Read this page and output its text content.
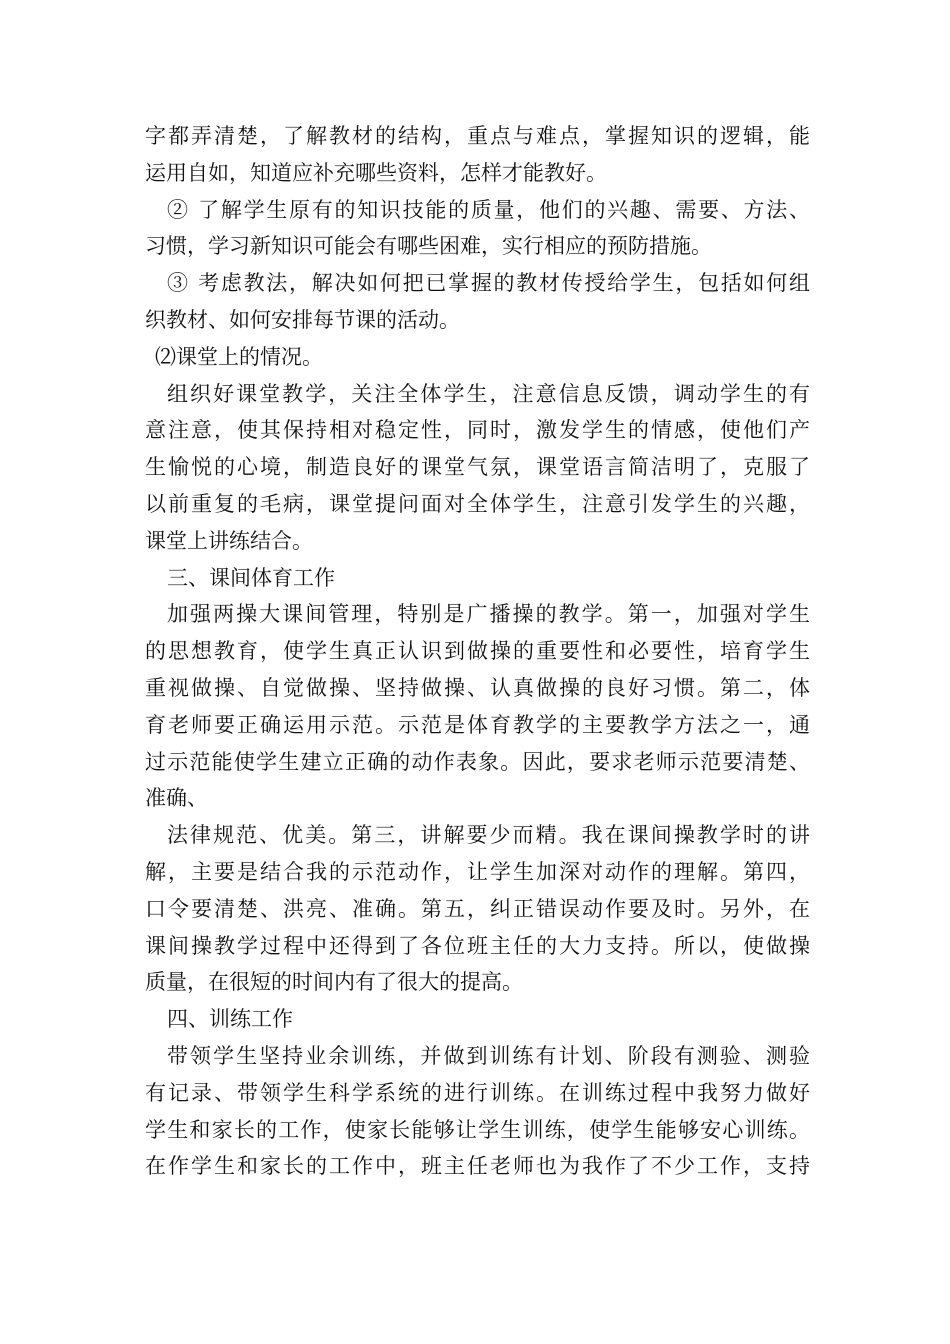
字都弄清楚，了解教材的结构，重点与难点，掌握知识的逻辑，能
运用自如，知道应补充哪些资料，怎样才能教好。
② 了解学生原有的知识技能的质量，他们的兴趣、需要、方法、
习惯，学习新知识可能会有哪些困难，实行相应的预防措施。
③ 考虑教法，解决如何把已掌握的教材传授给学生，包括如何组
织教材、如何安排每节课的活动。
⑵课堂上的情况。
组织好课堂教学，关注全体学生，注意信息反馈，调动学生的有
意注意，使其保持相对稳定性，同时，激发学生的情感，使他们产
生愉悦的心境，制造良好的课堂气氛，课堂语言简洁明了，克服了
以前重复的毛病，课堂提问面对全体学生，注意引发学生的兴趣，
课堂上讲练结合。
三、课间体育工作
加强两操大课间管理，特别是广播操的教学。第一，加强对学生
的思想教育，使学生真正认识到做操的重要性和必要性，培育学生
重视做操、自觉做操、坚持做操、认真做操的良好习惯。第二，体
育老师要正确运用示范。示范是体育教学的主要教学方法之一，通
过示范能使学生建立正确的动作表象。因此，要求老师示范要清楚、
准确、
法律规范、优美。第三，讲解要少而精。我在课间操教学时的讲
解，主要是结合我的示范动作，让学生加深对动作的理解。第四，
口令要清楚、洪亮、准确。第五，纠正错误动作要及时。另外，在
课间操教学过程中还得到了各位班主任的大力支持。所以，使做操
质量，在很短的时间内有了很大的提高。
四、训练工作
带领学生坚持业余训练，并做到训练有计划、阶段有测验、测验
有记录、带领学生科学系统的进行训练。在训练过程中我努力做好
学生和家长的工作，使家长能够让学生训练，使学生能够安心训练。
在作学生和家长的工作中，班主任老师也为我作了不少工作，支持
